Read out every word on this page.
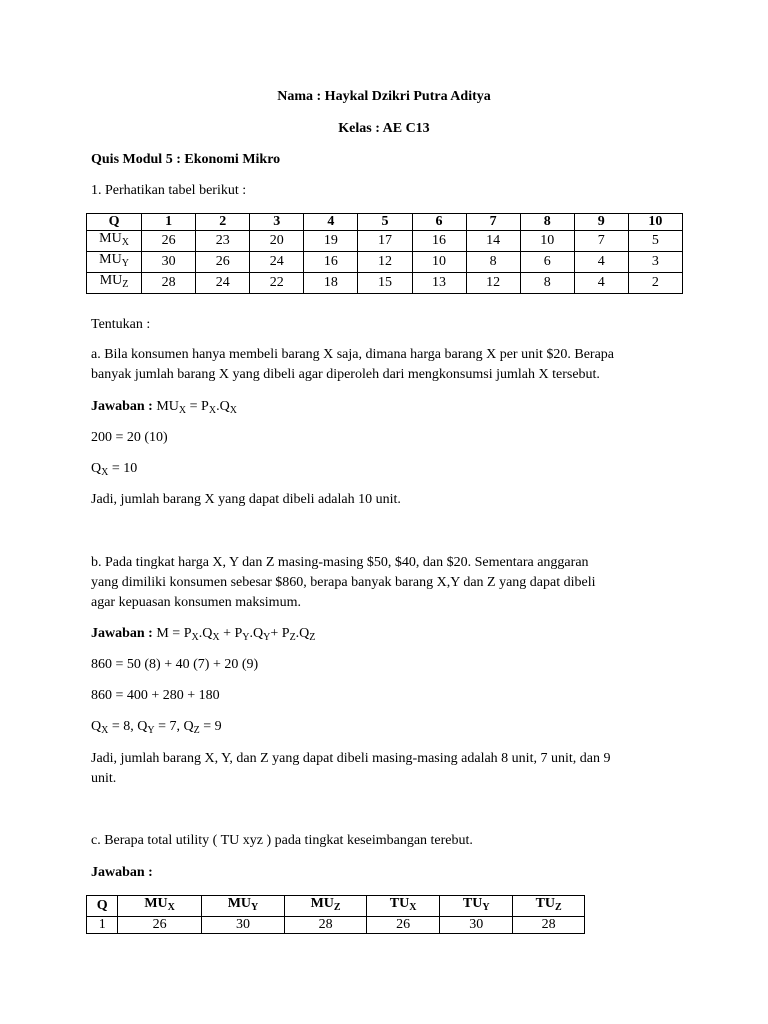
Nama : Haykal Dzikri Putra Aditya
Kelas : AE C13
Quis Modul 5 : Ekonomi Mikro
1. Perhatikan tabel berikut :
Q	1	2	3	4	5	6	7	8	9	10
$MU_X$	26	23	20	19	17	16	14	10	7	5
$MU_Y$	30	26	24	16	12	10	8	6	4	3
$MU_Z$	28	24	22	18	15	13	12	8	4	2
Tentukan :
a. Bila konsumen hanya membeli barang X saja, dimana harga barang X per unit $20. Berapa
banyak jumlah barang X yang dibeli agar diperoleh dari mengkonsumsi jumlah X tersebut.
Jawaban : $MU_X = P_X.Q_X$
200 = 20 (10)
$Q_X = 10$
Jadi, jumlah barang X yang dapat dibeli adalah 10 unit.
b. Pada tingkat harga X, Y dan Z masing-masing $50, $40, dan $20. Sementara anggaran
yang dimiliki konsumen sebesar $860, berapa banyak barang X,Y dan Z yang dapat dibeli
agar kepuasan konsumen maksimum.
Jawaban : $M = P_X.Q_X + P_Y.Q_Y+ P_Z.Q_Z$
860 = 50 (8) + 40 (7) + 20 (9)
860 = 400 + 280 + 180
$Q_X = 8$, $Q_Y = 7$, $Q_Z = 9$
Jadi, jumlah barang X, Y, dan Z yang dapat dibeli masing-masing adalah 8 unit, 7 unit, dan 9
unit.
c. Berapa total utility ( TU xyz ) pada tingkat keseimbangan terebut.
Jawaban :
Q	$MU_X$	$MU_Y$	$MU_Z$	$TU_X$	$TU_Y$	$TU_Z$
1	26	30	28	26	30	28
